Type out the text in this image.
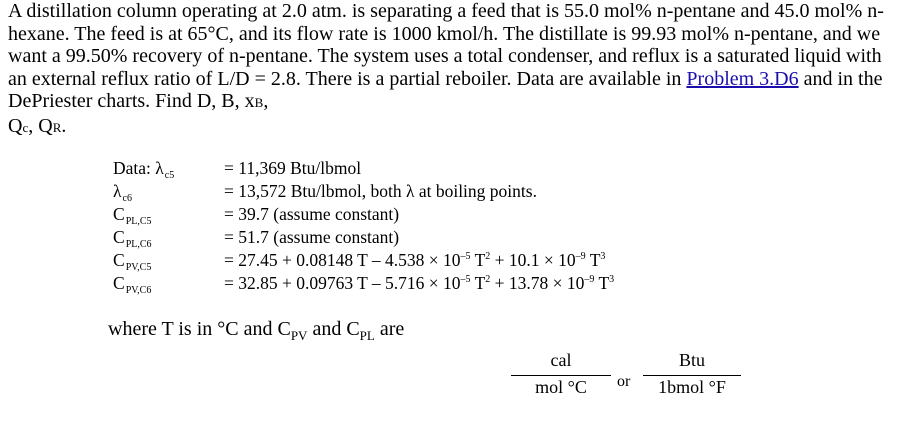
A distillation column operating at 2.0 atm. is separating a feed that is 55.0 mol% n-pentane and 45.0 mol% n-hexane. The feed is at 65°C, and its flow rate is 1000 kmol/h. The distillate is 99.93 mol% n-pentane, and we want a 99.50% recovery of n-pentane. The system uses a total condenser, and reflux is a saturated liquid with an external reflux ratio of L/D = 2.8. There is a partial reboiler. Data are available in Problem 3.D6 and in the DePriester charts. Find D, B, xB,
Qc, QR.
Data: $\lambda_{c5}$	= 11,369 Btu/lbmol
$\lambda_{c6}$	= 13,572 Btu/lbmol, both λ at boiling points.
$C_{PL,C5}$	= 39.7 (assume constant)
$C_{PL,C6}$	= 51.7 (assume constant)
$C_{PV,C5}$	= 27.45 + 0.08148 $T - 4.538 \times 10^{-5}$ $T^2 + 10.1 \times 10^{-9}$ $T^3$
$C_{PV,C6}$	= 32.85 + 0.09763 $T - 5.716 \times 10^{-5}$ $T^2 + 13.78 \times 10^{-9}$ $T^3$
where T is in °C and $C_{PV}$ and $C_{PL}$ are
cal
mol °C	or
Btu
1bmol °F
